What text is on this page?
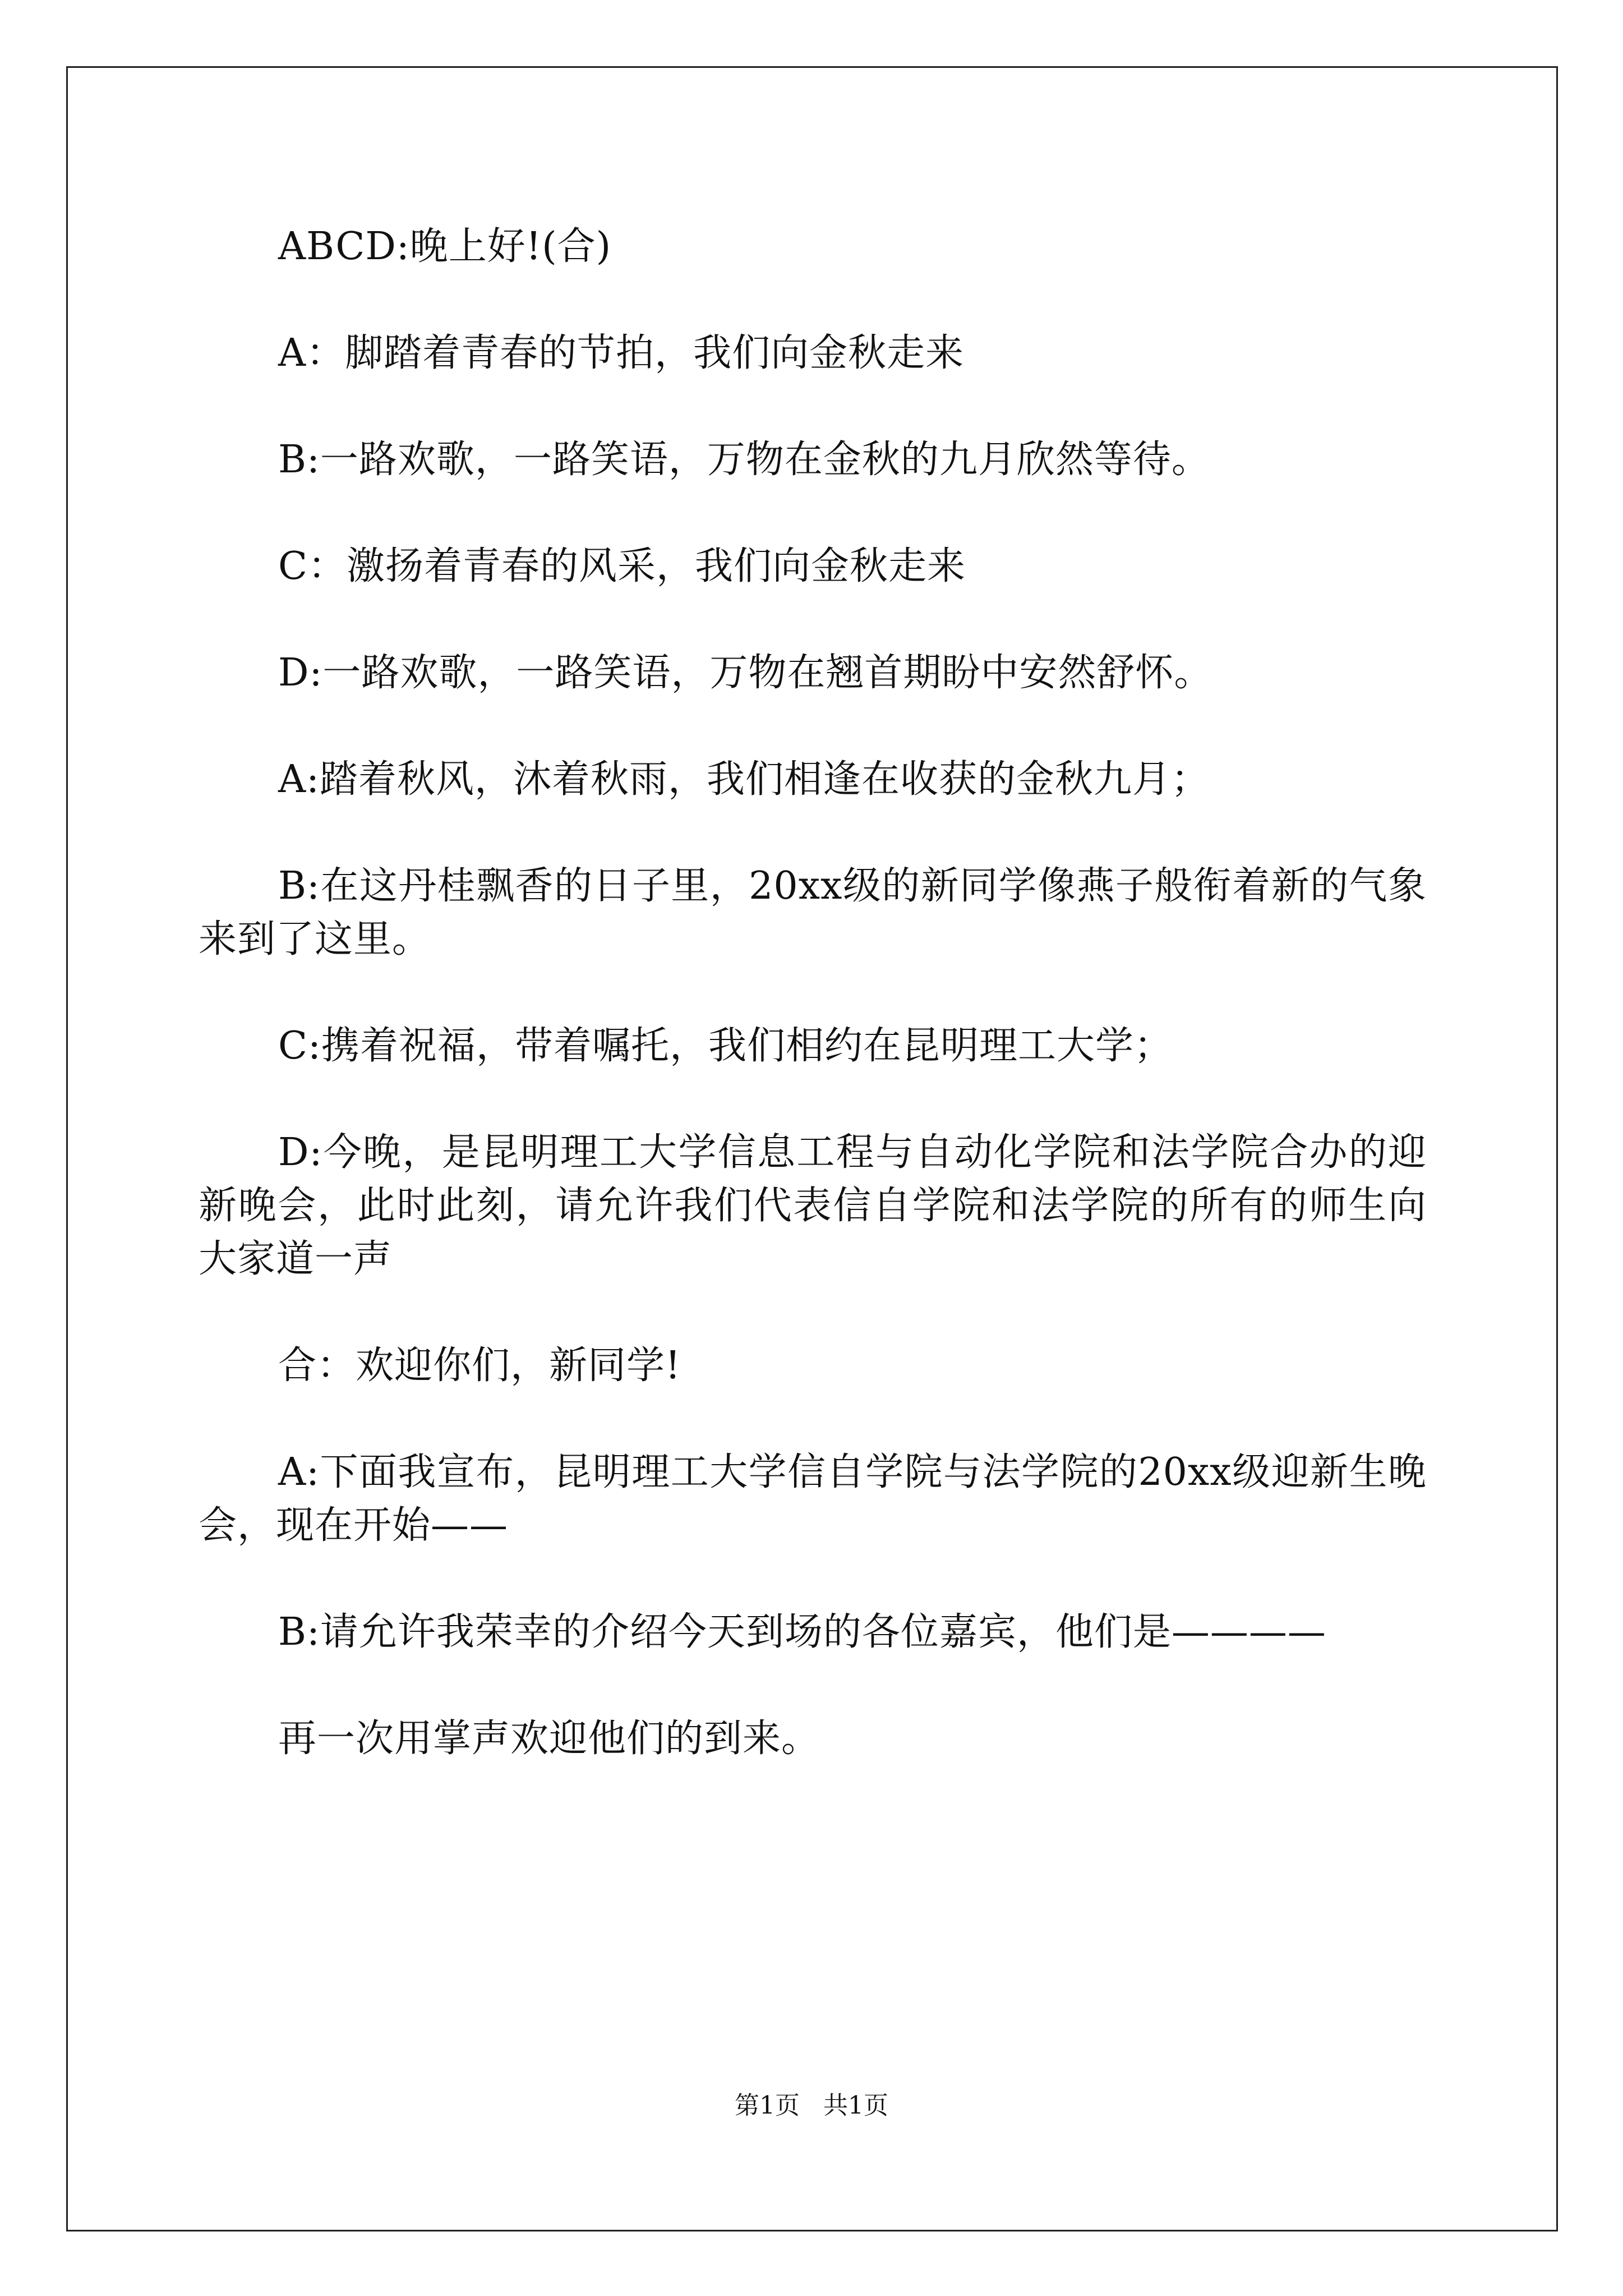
ABCD:晚上好!(合)

A：脚踏着青春的节拍，我们向金秋走来

B:一路欢歌，一路笑语，万物在金秋的九月欣然等待。

C：激扬着青春的风采，我们向金秋走来

D:一路欢歌，一路笑语，万物在翘首期盼中安然舒怀。

A:踏着秋风，沐着秋雨，我们相逢在收获的金秋九月；

B:在这丹桂飘香的日子里，20xx级的新同学像燕子般衔着新的气象来到了这里。

C:携着祝福，带着嘱托，我们相约在昆明理工大学；

D:今晚，是昆明理工大学信息工程与自动化学院和法学院合办的迎新晚会，此时此刻，请允许我们代表信自学院和法学院的所有的师生向大家道一声

合：欢迎你们，新同学!

A:下面我宣布，昆明理工大学信自学院与法学院的20xx级迎新生晚会，现在开始——

B:请允许我荣幸的介绍今天到场的各位嘉宾，他们是————

再一次用掌声欢迎他们的到来。

第1页 共1页
